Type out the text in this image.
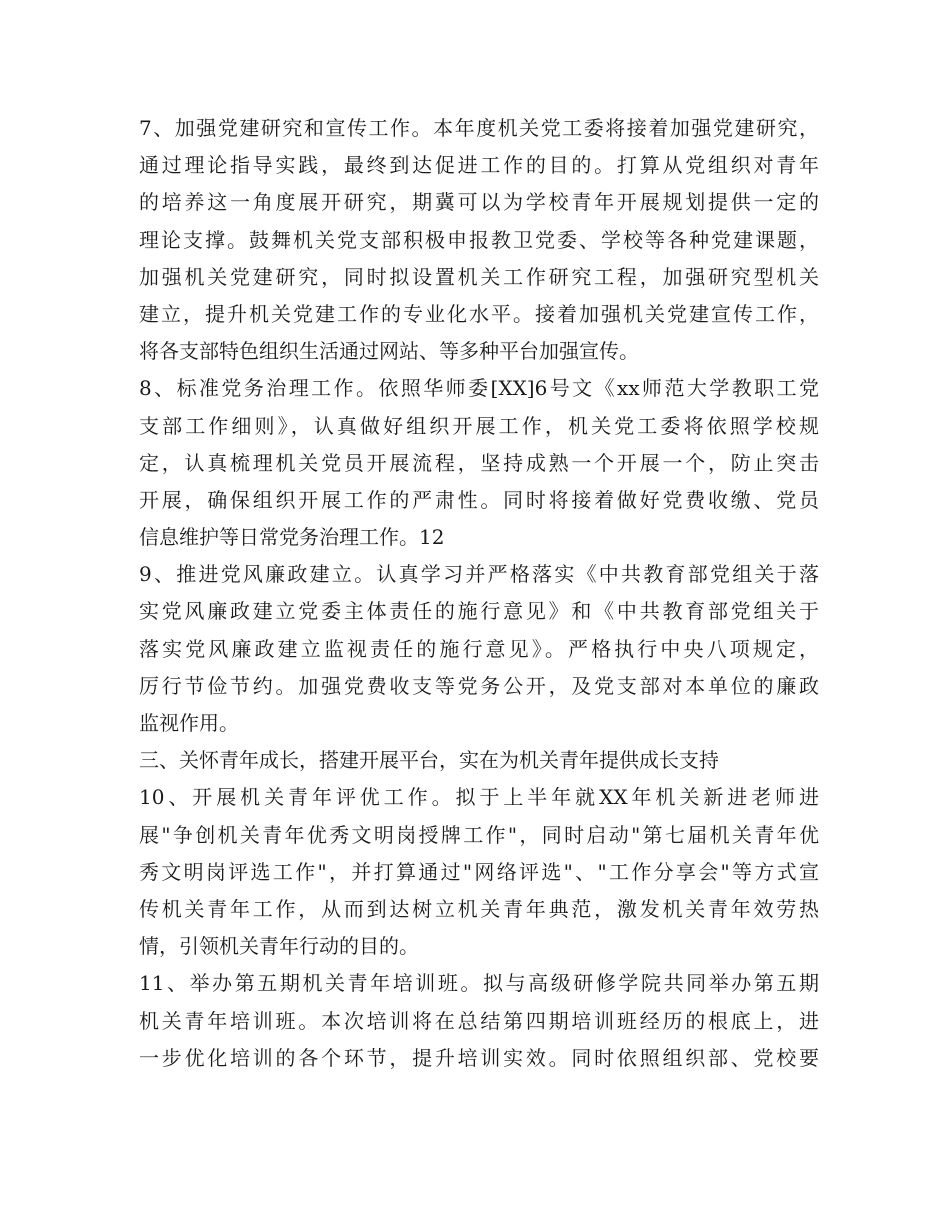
7、加强党建研究和宣传工作。本年度机关党工委将接着加强党建研究，
通过理论指导实践，最终到达促进工作的目的。打算从党组织对青年
的培养这一角度展开研究，期冀可以为学校青年开展规划提供一定的
理论支撑。鼓舞机关党支部积极申报教卫党委、学校等各种党建课题，
加强机关党建研究，同时拟设置机关工作研究工程，加强研究型机关
建立，提升机关党建工作的专业化水平。接着加强机关党建宣传工作，
将各支部特色组织生活通过网站、等多种平台加强宣传。
8、标准党务治理工作。依照华师委[XX]6号文《xx师范大学教职工党
支部工作细则》，认真做好组织开展工作，机关党工委将依照学校规
定，认真梳理机关党员开展流程，坚持成熟一个开展一个，防止突击
开展，确保组织开展工作的严肃性。同时将接着做好党费收缴、党员
信息维护等日常党务治理工作。12
9、推进党风廉政建立。认真学习并严格落实《中共教育部党组关于落
实党风廉政建立党委主体责任的施行意见》和《中共教育部党组关于
落实党风廉政建立监视责任的施行意见》。严格执行中央八项规定，
厉行节俭节约。加强党费收支等党务公开，及党支部对本单位的廉政
监视作用。
三、关怀青年成长，搭建开展平台，实在为机关青年提供成长支持
10、开展机关青年评优工作。拟于上半年就XX年机关新进老师进
展"争创机关青年优秀文明岗授牌工作"，同时启动"第七届机关青年优
秀文明岗评选工作"，并打算通过"网络评选"、"工作分享会"等方式宣
传机关青年工作，从而到达树立机关青年典范，激发机关青年效劳热
情，引领机关青年行动的目的。
11、举办第五期机关青年培训班。拟与高级研修学院共同举办第五期
机关青年培训班。本次培训将在总结第四期培训班经历的根底上，进
一步优化培训的各个环节，提升培训实效。同时依照组织部、党校要
